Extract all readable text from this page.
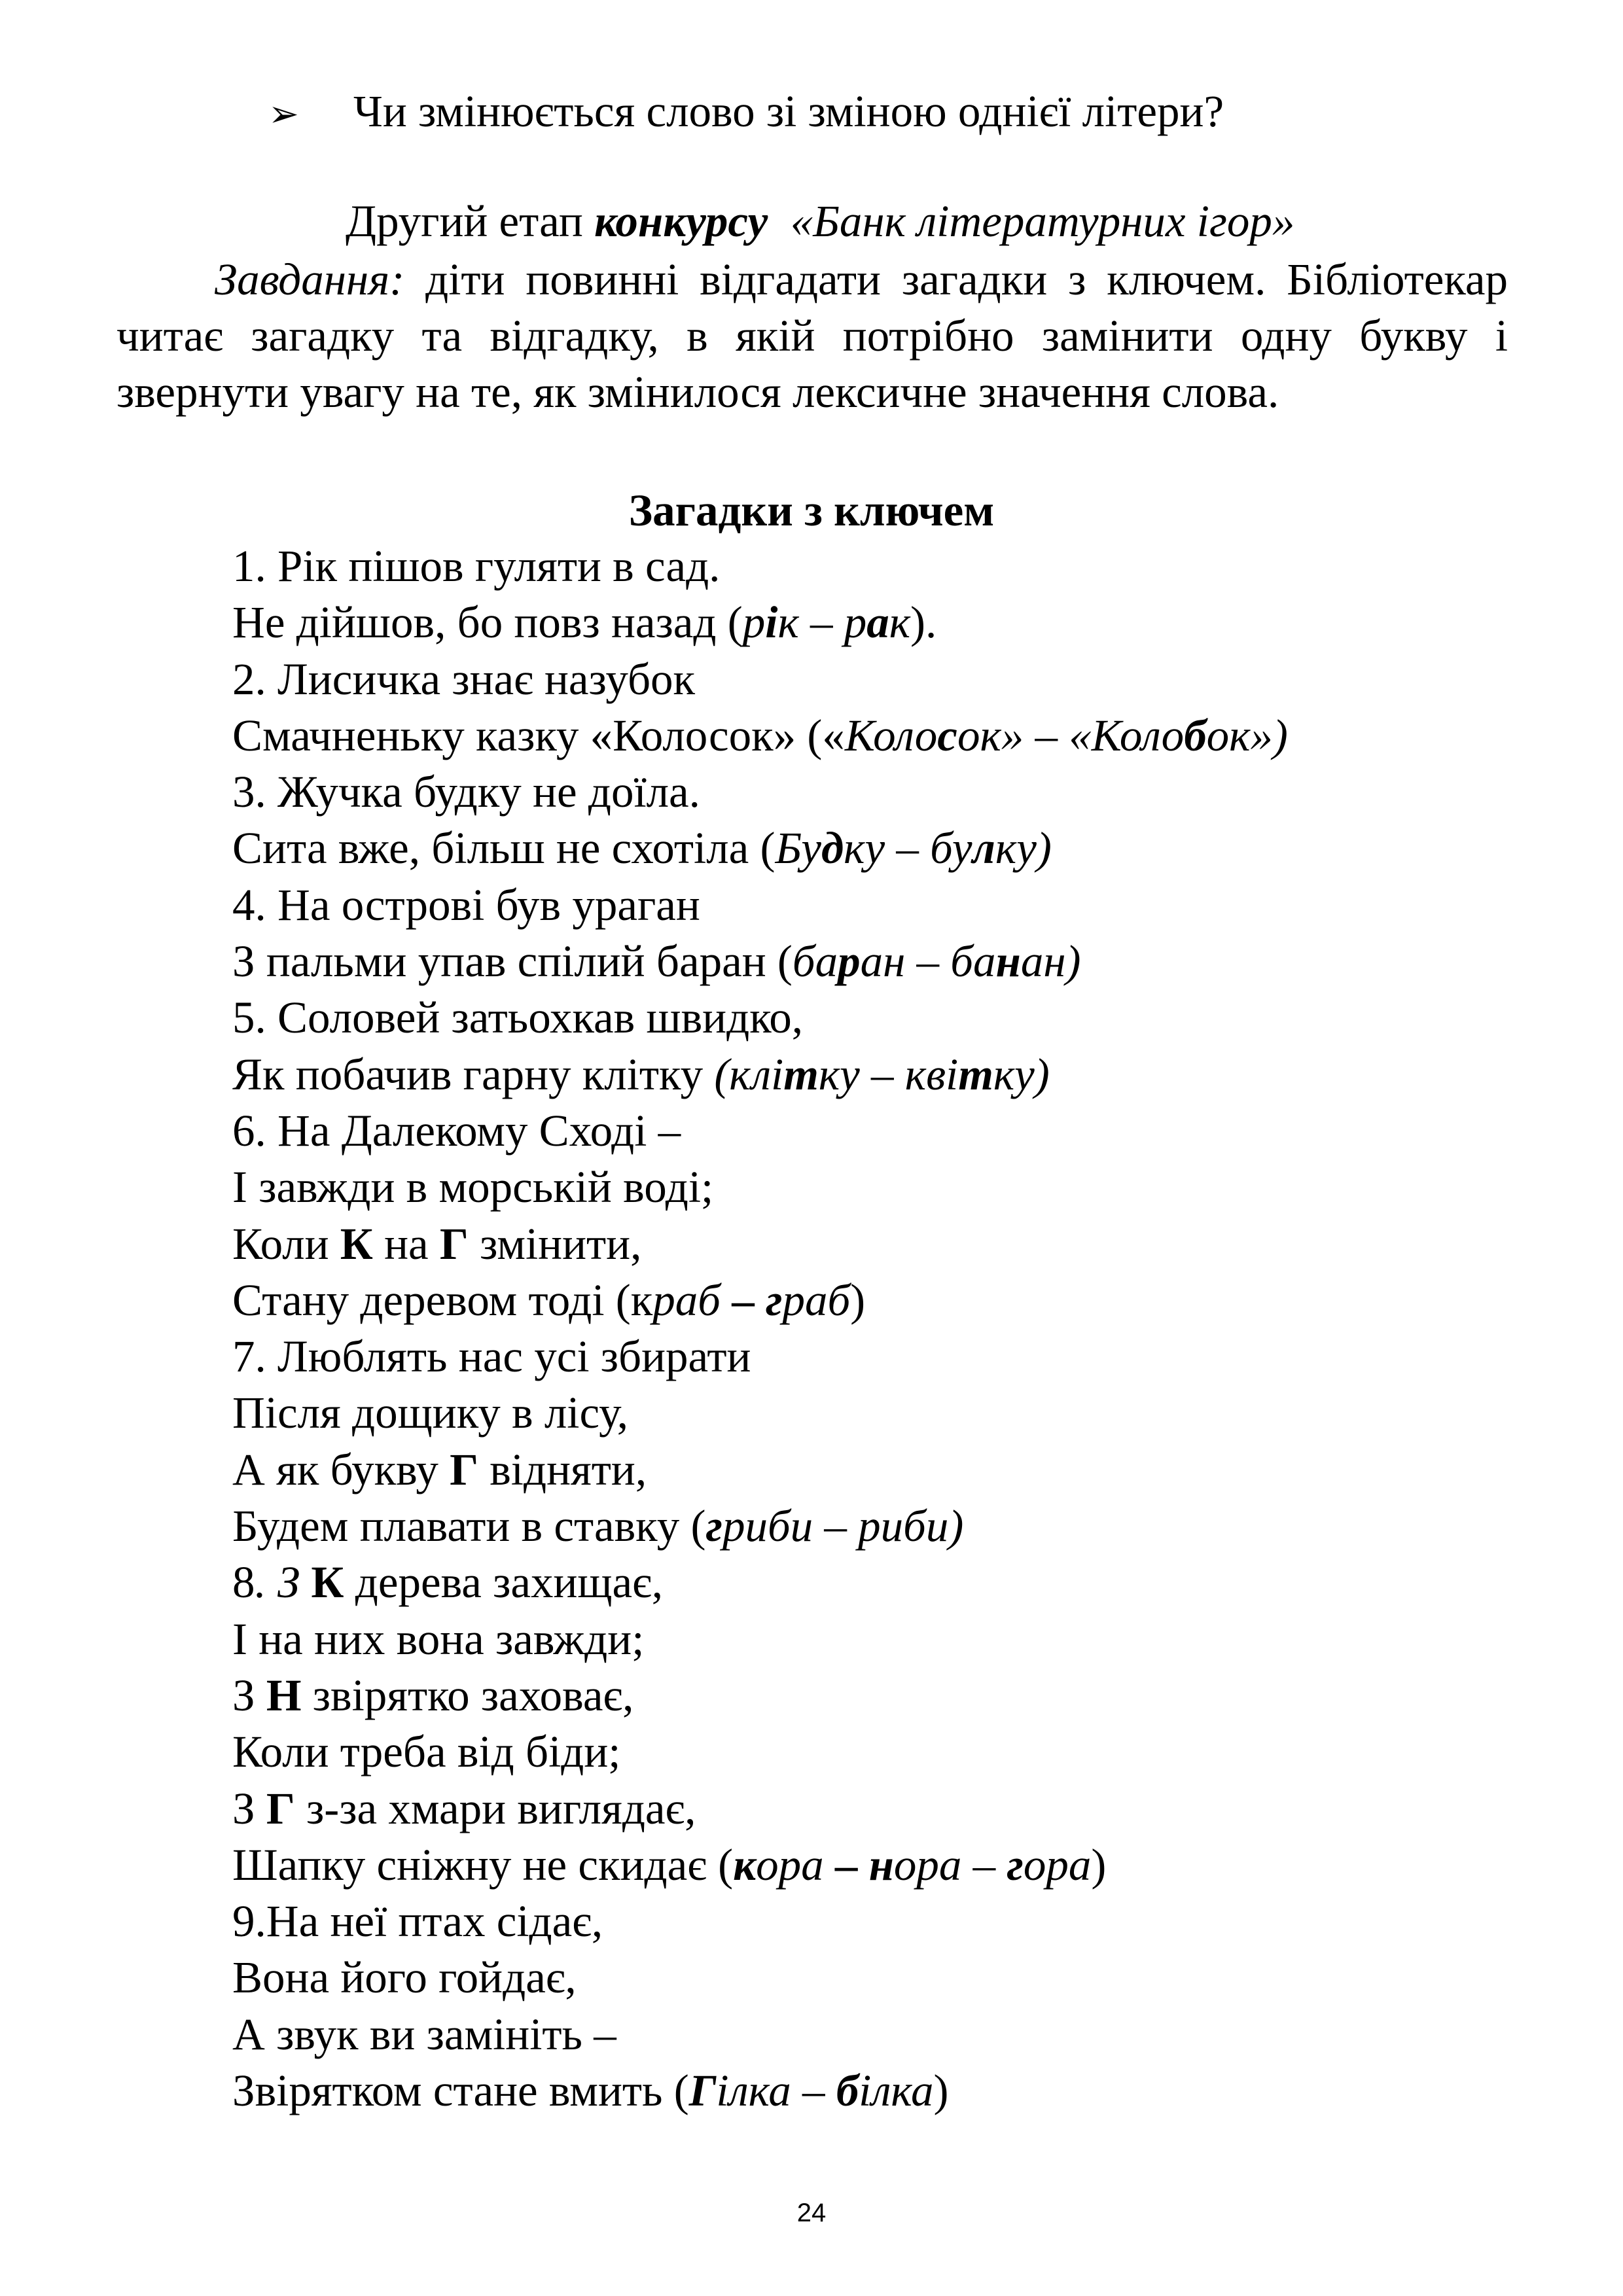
➢ Чи змінюється слово зі зміною однієї літери?
Другий етап конкурсу «Банк літературних ігор»
Завдання: діти повинні відгадати загадки з ключем. Бібліотекар читає загадку та відгадку, в якій потрібно замінити одну букву і звернути увагу на те, як змінилося лексичне значення слова.
Загадки з ключем
1. Рік пішов гуляти в сад.
Не дійшов, бо повз назад (рік – рак).
2. Лисичка знає назубок
Смачненьку казку «Колосок» («Колосок» – «Колобок»)
3. Жучка будку не доїла.
Сита вже, більш не схотіла (Будку – булку)
4. На острові був ураган
З пальми упав спілий баран (баран – банан)
5. Соловей затьохкав швидко,
Як побачив гарну клітку (клітку – квітку)
6. На Далекому Сході –
І завжди в морській воді;
Коли К на Г змінити,
Стану деревом тоді (краб – граб)
7. Люблять нас усі збирати
Після дощику в лісу,
А як букву Г відняти,
Будем плавати в ставку (гриби – риби)
8. З К дерева захищає,
І на них вона завжди;
З Н звірятко заховає,
Коли треба від біди;
З Г з-за хмари виглядає,
Шапку сніжну не скидає (кора – нора – гора)
9.На неї птах сідає,
Вона його гойдає,
А звук ви замініть –
Звірятком стане вмить (Гілка – білка)
24
